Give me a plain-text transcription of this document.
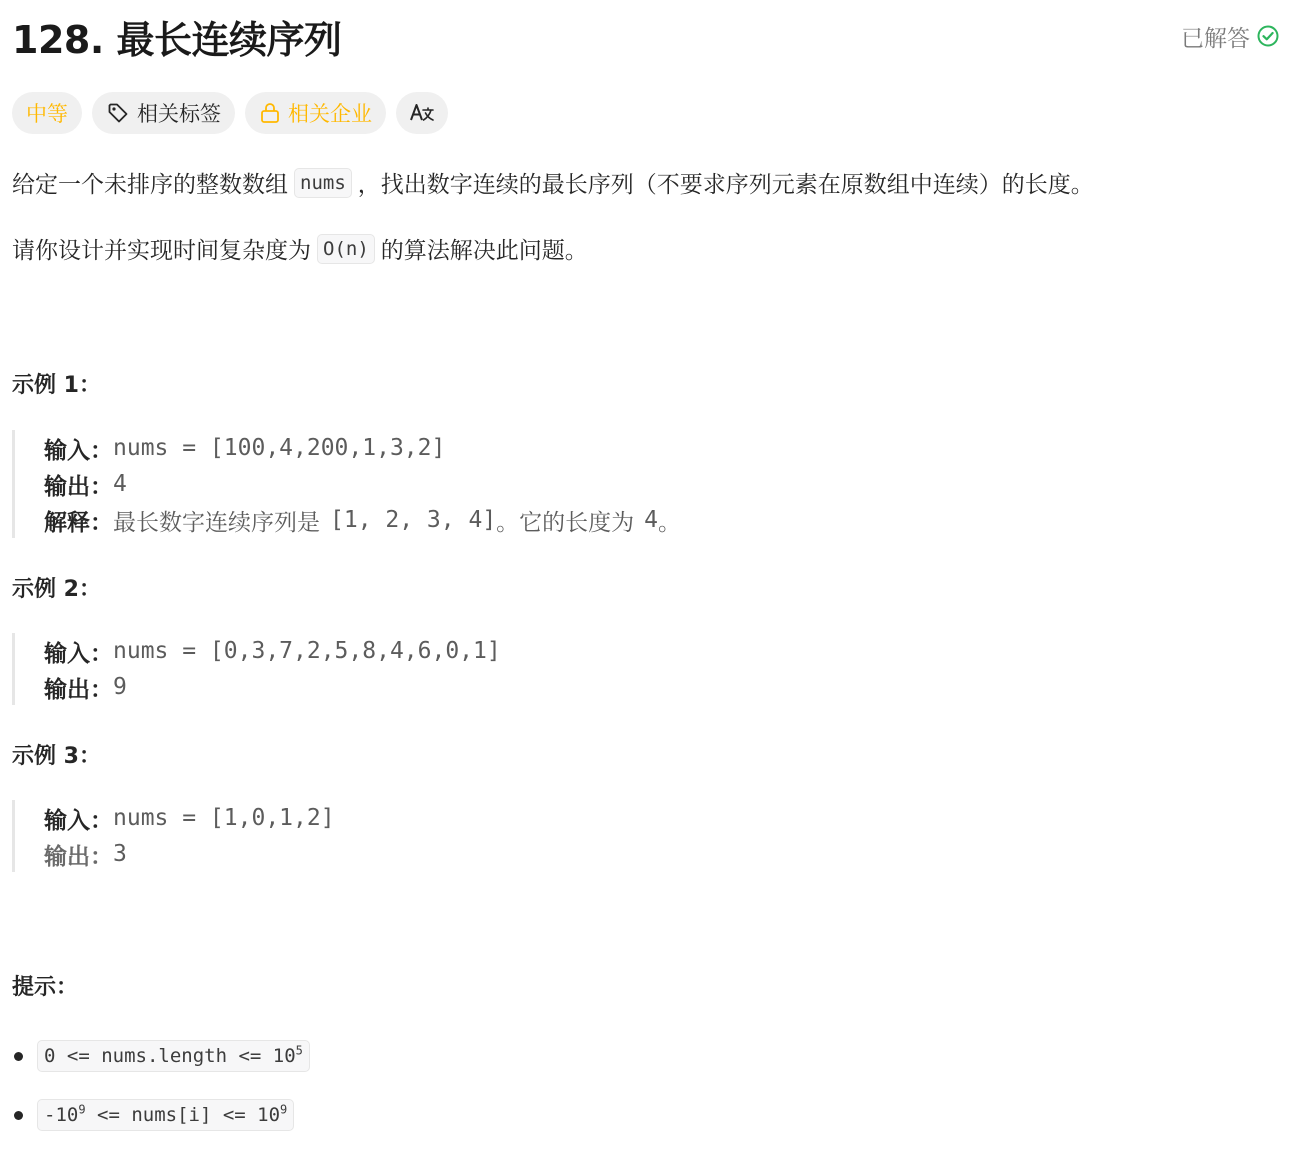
128. 最长连续序列	已解答
中等	相关标签	相关企业
给定一个未排序的整数数组 nums ，找出数字连续的最长序列（不要求序列元素在原数组中连续）的长度。
请你设计并实现时间复杂度为 O(n) 的算法解决此问题。
示例 1：
输入： nums = [100,4,200,1,3,2]
输出： 4
解释： 最长数字连续序列是 [1, 2, 3, 4] 。它的长度为 4 。
示例 2：
输入： nums = [0,3,7,2,5,8,4,6,0,1]
输出： 9
示例 3：
输入： nums = [1,0,1,2]
输出： 3
提示：
0 <= nums.length <= $10^5$
$-10^9$ <= nums[i] <= $10^9$
